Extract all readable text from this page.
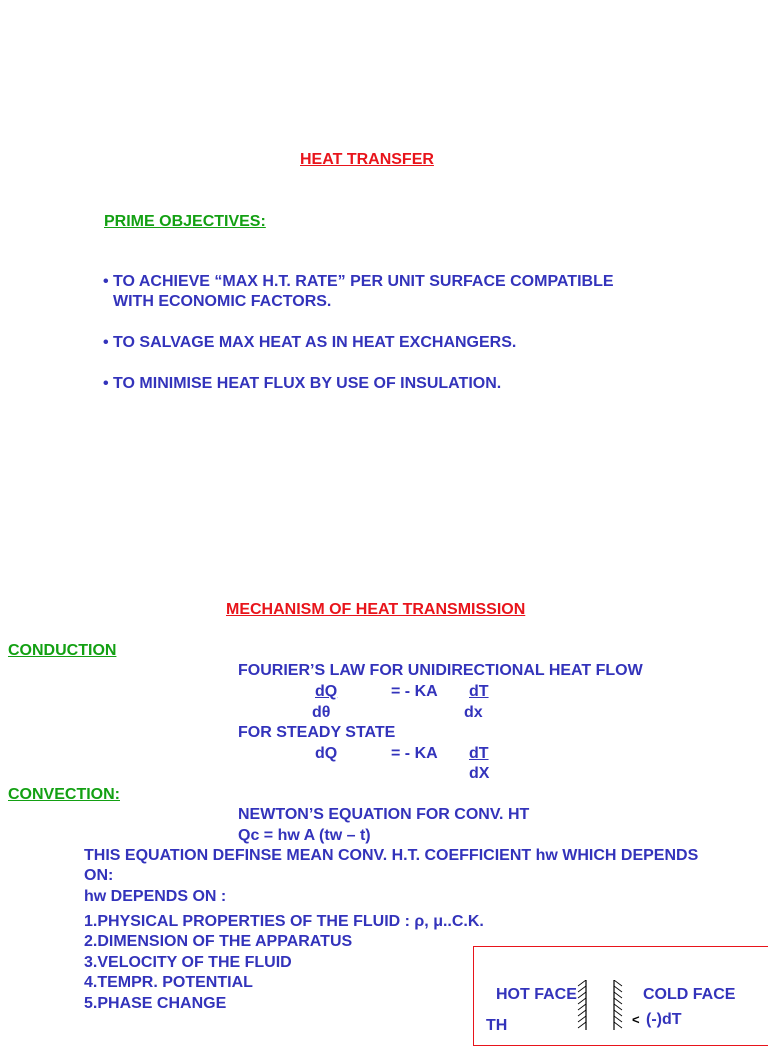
HEAT TRANSFER
PRIME OBJECTIVES:
• TO ACHIEVE “MAX H.T. RATE” PER UNIT SURFACE COMPATIBLE
WITH ECONOMIC FACTORS.
• TO SALVAGE MAX HEAT AS IN HEAT EXCHANGERS.
• TO MINIMISE HEAT FLUX BY USE OF INSULATION.
MECHANISM OF HEAT TRANSMISSION
CONDUCTION
FOURIER’S LAW FOR UNIDIRECTIONAL HEAT FLOW
dQ	= - KA dT
dθ	dx
FOR STEADY STATE
dQ	= - KA dT
dX
CONVECTION:
NEWTON’S EQUATION FOR CONV. HT
Qc = hw A (tw – t)
THIS EQUATION DEFINSE MEAN CONV. H.T. COEFFICIENT hw WHICH DEPENDS
ON:
hw DEPENDS ON :
1.PHYSICAL PROPERTIES OF THE FLUID : ρ, μ..C.K.
2.DIMENSION OF THE APPARATUS
3.VELOCITY OF THE FLUID
4.TEMPR. POTENTIAL
5.PHASE CHANGE
HOT FACE	COLD FACE
TH	< (-)dT
